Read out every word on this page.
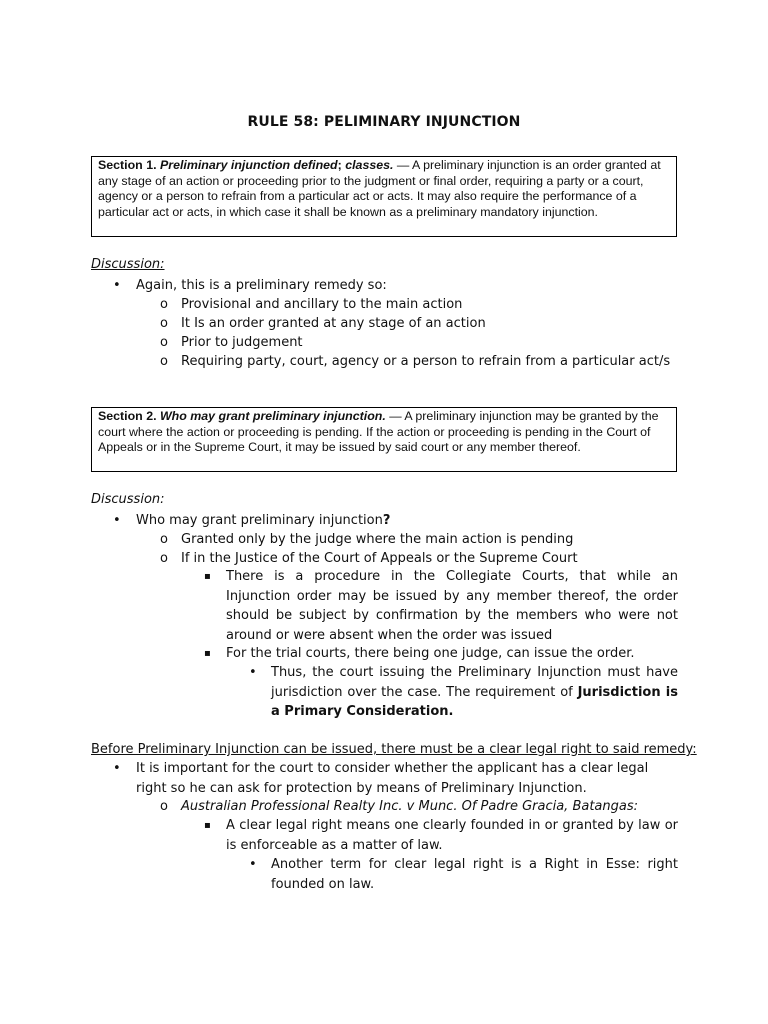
RULE 58: PELIMINARY INJUNCTION
Section 1. Preliminary injunction defined; classes. — A preliminary injunction is an order granted at any stage of an action or proceeding prior to the judgment or final order, requiring a party or a court, agency or a person to refrain from a particular act or acts. It may also require the performance of a particular act or acts, in which case it shall be known as a preliminary mandatory injunction.
Discussion:
• Again, this is a preliminary remedy so:
o Provisional and ancillary to the main action
o It Is an order granted at any stage of an action
o Prior to judgement
o Requiring party, court, agency or a person to refrain from a particular act/s
Section 2. Who may grant preliminary injunction. — A preliminary injunction may be granted by the court where the action or proceeding is pending. If the action or proceeding is pending in the Court of Appeals or in the Supreme Court, it may be issued by said court or any member thereof.
Discussion:
• Who may grant preliminary injunction?
o Granted only by the judge where the main action is pending
o If in the Justice of the Court of Appeals or the Supreme Court
▪ There is a procedure in the Collegiate Courts, that while an Injunction order may be issued by any member thereof, the order should be subject by confirmation by the members who were not around or were absent when the order was issued
▪ For the trial courts, there being one judge, can issue the order.
• Thus, the court issuing the Preliminary Injunction must have jurisdiction over the case. The requirement of Jurisdiction is a Primary Consideration.
Before Preliminary Injunction can be issued, there must be a clear legal right to said remedy:
• It is important for the court to consider whether the applicant has a clear legal right so he can ask for protection by means of Preliminary Injunction.
o Australian Professional Realty Inc. v Munc. Of Padre Gracia, Batangas:
▪ A clear legal right means one clearly founded in or granted by law or is enforceable as a matter of law.
• Another term for clear legal right is a Right in Esse: right founded on law.
